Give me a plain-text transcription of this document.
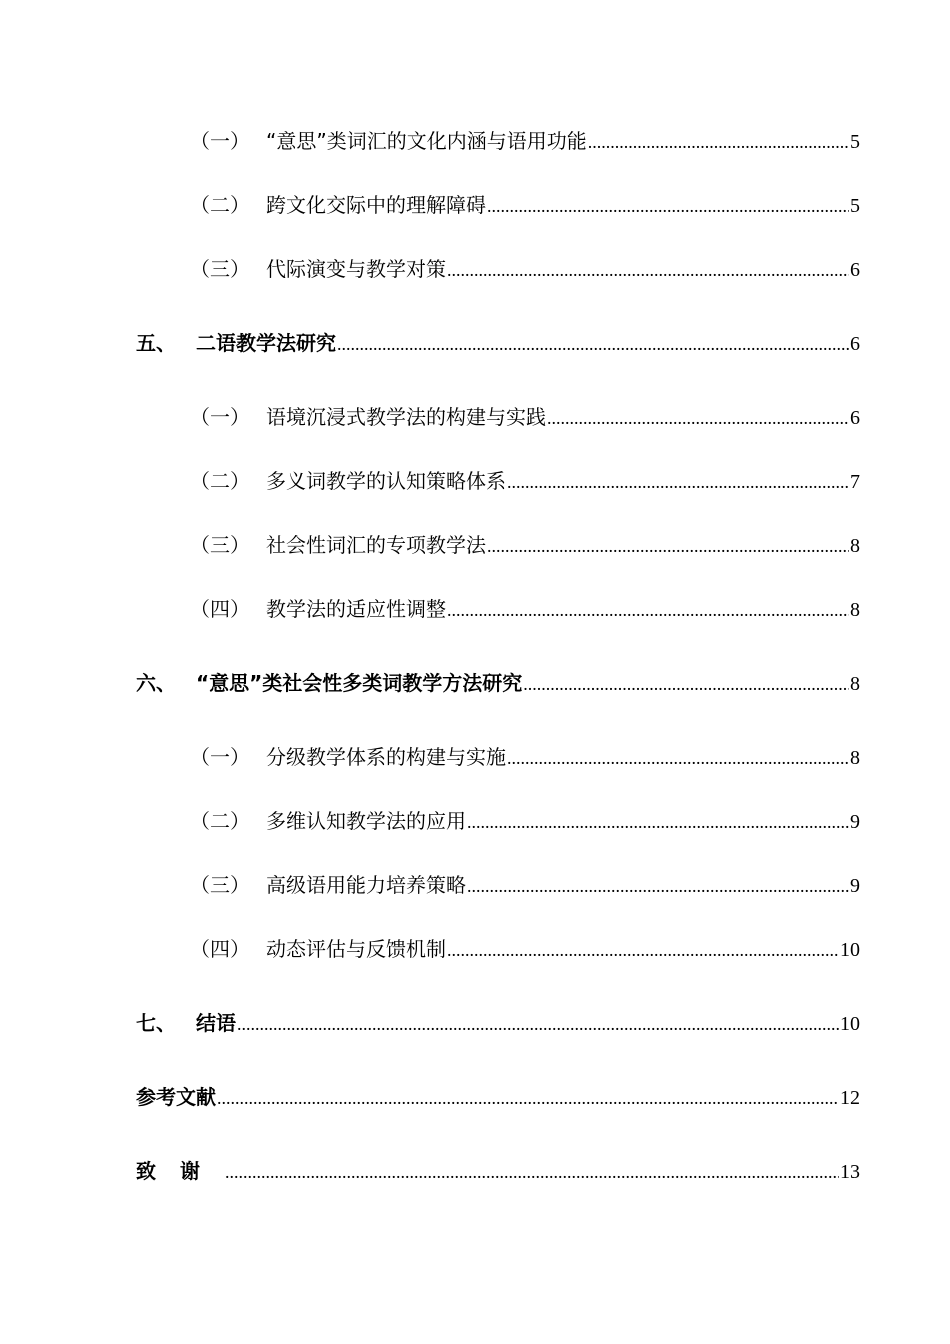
（一） “意思”类词汇的文化内涵与语用功能 .....	5
（二） 跨文化交际中的理解障碍 .....	5
（三） 代际演变与教学对策 .....	6
五、	二语教学法研究 .....	6
（一） 语境沉浸式教学法的构建与实践 .....	6
（二） 多义词教学的认知策略体系 .....	7
（三） 社会性词汇的专项教学法 .....	8
（四） 教学法的适应性调整 .....	8
六、	“意思”类社会性多类词教学方法研究 .....	8
（一） 分级教学体系的构建与实施 .....	8
（二） 多维认知教学法的应用 .....	9
（三） 高级语用能力培养策略 .....	9
（四） 动态评估与反馈机制 .....	10
七、	结语 .....	10
参考文献 .....	12
致谢 .....	13
